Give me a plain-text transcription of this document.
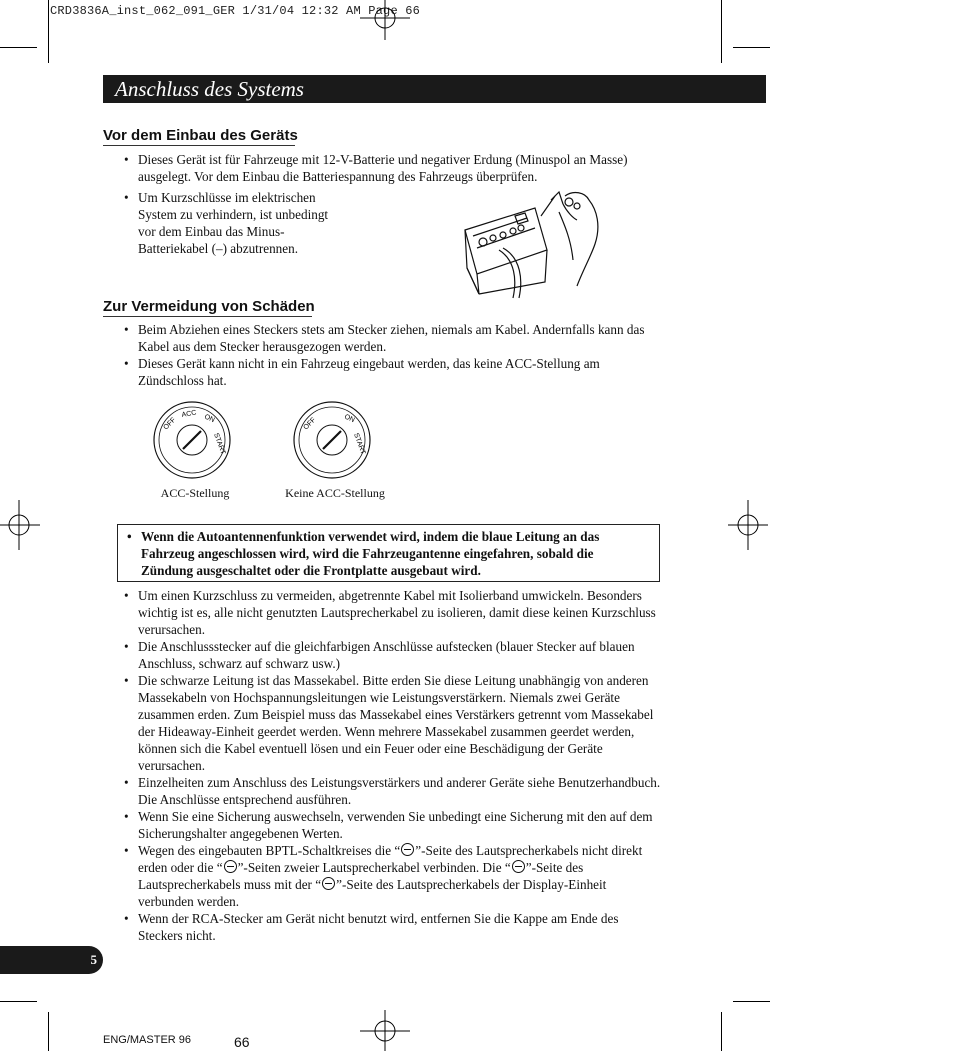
CRD3836A_inst_062_091_GER 1/31/04 12:32 AM Page 66
Anschluss des Systems
Vor dem Einbau des Geräts
• Dieses Gerät ist für Fahrzeuge mit 12-V-Batterie und negativer Erdung (Minuspol an Masse) ausgelegt. Vor dem Einbau die Batteriespannung des Fahrzeugs überprüfen.
• Um Kurzschlüsse im elektrischen
System zu verhindern, ist unbedingt
vor dem Einbau das Minus-
Batteriekabel (–) abzutrennen.
Zur Vermeidung von Schäden
• Beim Abziehen eines Steckers stets am Stecker ziehen, niemals am Kabel. Andernfalls kann das Kabel aus dem Stecker herausgezogen werden.
• Dieses Gerät kann nicht in ein Fahrzeug eingebaut werden, das keine ACC-Stellung am Zündschloss hat.
OFF
ACC ON
START
OFF	ON
START
ACC-Stellung	Keine ACC-Stellung
• Wenn die Autoantennenfunktion verwendet wird, indem die blaue Leitung an das Fahrzeug angeschlossen wird, wird die Fahrzeugantenne eingefahren, sobald die Zündung ausgeschaltet oder die Frontplatte ausgebaut wird.
• Um einen Kurzschluss zu vermeiden, abgetrennte Kabel mit Isolierband umwickeln. Besonders wichtig ist es, alle nicht genutzten Lautsprecherkabel zu isolieren, damit diese keinen Kurzschluss verursachen.
• Die Anschlussstecker auf die gleichfarbigen Anschlüsse aufstecken (blauer Stecker auf blauen Anschluss, schwarz auf schwarz usw.)
• Die schwarze Leitung ist das Massekabel. Bitte erden Sie diese Leitung unabhängig von anderen Massekabeln von Hochspannungsleitungen wie Leistungsverstärkern. Niemals zwei Geräte zusammen erden. Zum Beispiel muss das Massekabel eines Verstärkers getrennt vom Massekabel der Hideaway-Einheit geerdet werden. Wenn mehrere Massekabel zusammen geerdet werden, können sich die Kabel eventuell lösen und ein Feuer oder eine Beschädigung der Geräte verursachen.
• Einzelheiten zum Anschluss des Leistungsverstärkers und anderer Geräte siehe Benutzerhandbuch. Die Anschlüsse entsprechend ausführen.
• Wenn Sie eine Sicherung auswechseln, verwenden Sie unbedingt eine Sicherung mit den auf dem Sicherungshalter angegebenen Werten.
• Wegen des eingebauten BPTL-Schaltkreises die “ ”-Seite des Lautsprecherkabels nicht direkt erden oder die “ ”-Seiten zweier Lautsprecherkabel verbinden. Die “ ”-Seite des Lautsprecherkabels muss mit der “ ”-Seite des Lautsprecherkabels der Display-Einheit verbunden werden.
• Wenn der RCA-Stecker am Gerät nicht benutzt wird, entfernen Sie die Kappe am Ende des Steckers nicht.
5
ENG/MASTER 96	66
